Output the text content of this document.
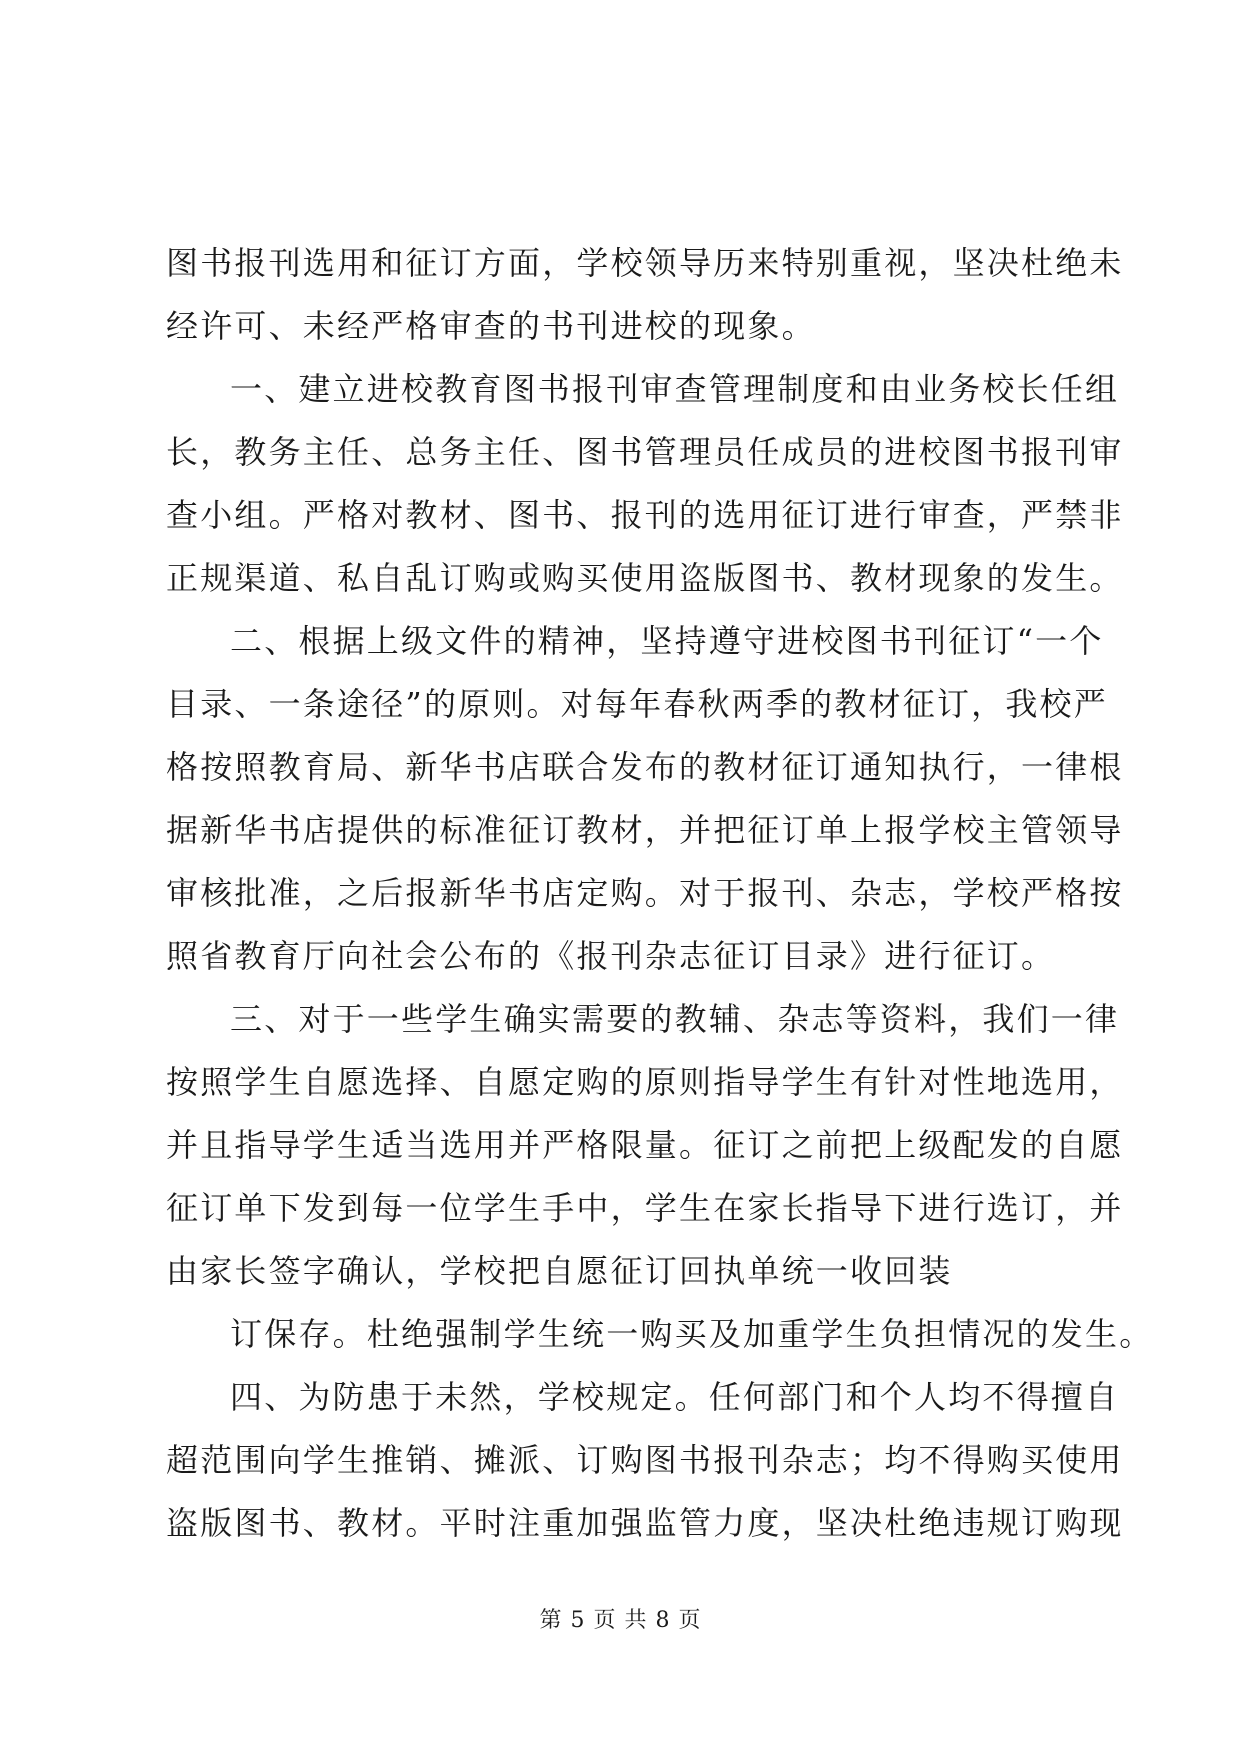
图书报刊选用和征订方面，学校领导历来特别重视，坚决杜绝未
经许可、未经严格审查的书刊进校的现象。
一、建立进校教育图书报刊审查管理制度和由业务校长任组
长，教务主任、总务主任、图书管理员任成员的进校图书报刊审
查小组。严格对教材、图书、报刊的选用征订进行审查，严禁非
正规渠道、私自乱订购或购买使用盗版图书、教材现象的发生。
二、根据上级文件的精神，坚持遵守进校图书刊征订“一个
目录、一条途径”的原则。对每年春秋两季的教材征订，我校严
格按照教育局、新华书店联合发布的教材征订通知执行，一律根
据新华书店提供的标准征订教材，并把征订单上报学校主管领导
审核批准，之后报新华书店定购。对于报刊、杂志，学校严格按
照省教育厅向社会公布的《报刊杂志征订目录》进行征订。
三、对于一些学生确实需要的教辅、杂志等资料，我们一律
按照学生自愿选择、自愿定购的原则指导学生有针对性地选用，
并且指导学生适当选用并严格限量。征订之前把上级配发的自愿
征订单下发到每一位学生手中，学生在家长指导下进行选订，并
由家长签字确认，学校把自愿征订回执单统一收回装
订保存。杜绝强制学生统一购买及加重学生负担情况的发生。
四、为防患于未然，学校规定。任何部门和个人均不得擅自
超范围向学生推销、摊派、订购图书报刊杂志；均不得购买使用
盗版图书、教材。平时注重加强监管力度，坚决杜绝违规订购现
第 5 页 共 8 页
